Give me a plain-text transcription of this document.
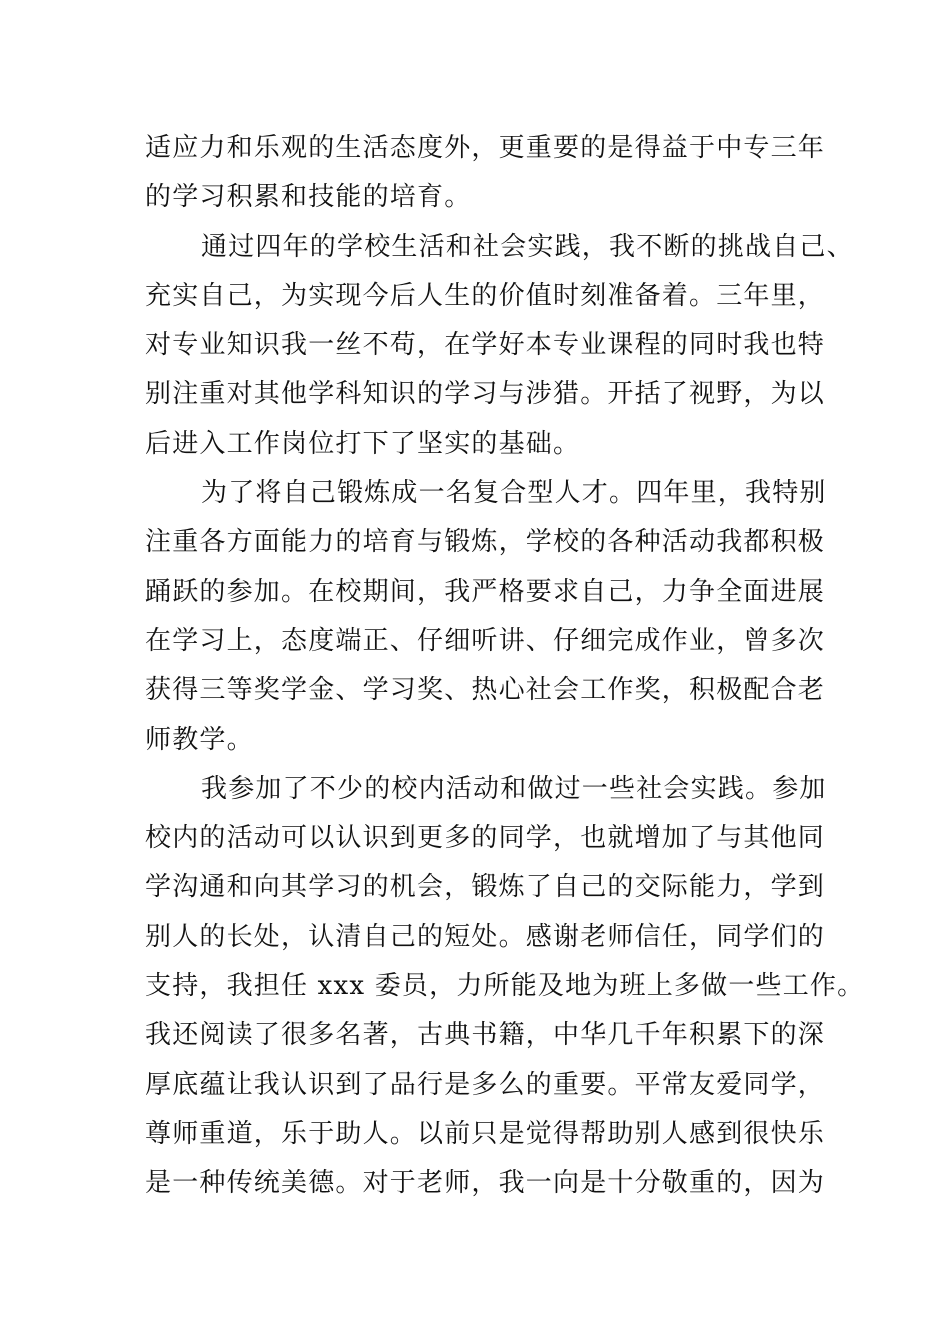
适应力和乐观的生活态度外，更重要的是得益于中专三年
的学习积累和技能的培育。
通过四年的学校生活和社会实践，我不断的挑战自己、
充实自己，为实现今后人生的价值时刻准备着。三年里，
对专业知识我一丝不苟，在学好本专业课程的同时我也特
别注重对其他学科知识的学习与涉猎。开括了视野，为以
后进入工作岗位打下了坚实的基础。
为了将自己锻炼成一名复合型人才。四年里，我特别
注重各方面能力的培育与锻炼，学校的各种活动我都积极
踊跃的参加。在校期间，我严格要求自己，力争全面进展
在学习上，态度端正、仔细听讲、仔细完成作业，曾多次
获得三等奖学金、学习奖、热心社会工作奖，积极配合老
师教学。
我参加了不少的校内活动和做过一些社会实践。参加
校内的活动可以认识到更多的同学，也就增加了与其他同
学沟通和向其学习的机会，锻炼了自己的交际能力，学到
别人的长处，认清自己的短处。感谢老师信任，同学们的
支持，我担任 xxx 委员，力所能及地为班上多做一些工作。
我还阅读了很多名著，古典书籍，中华几千年积累下的深
厚底蕴让我认识到了品行是多么的重要。平常友爱同学，
尊师重道，乐于助人。以前只是觉得帮助别人感到很快乐
是一种传统美德。对于老师，我一向是十分敬重的，因为
